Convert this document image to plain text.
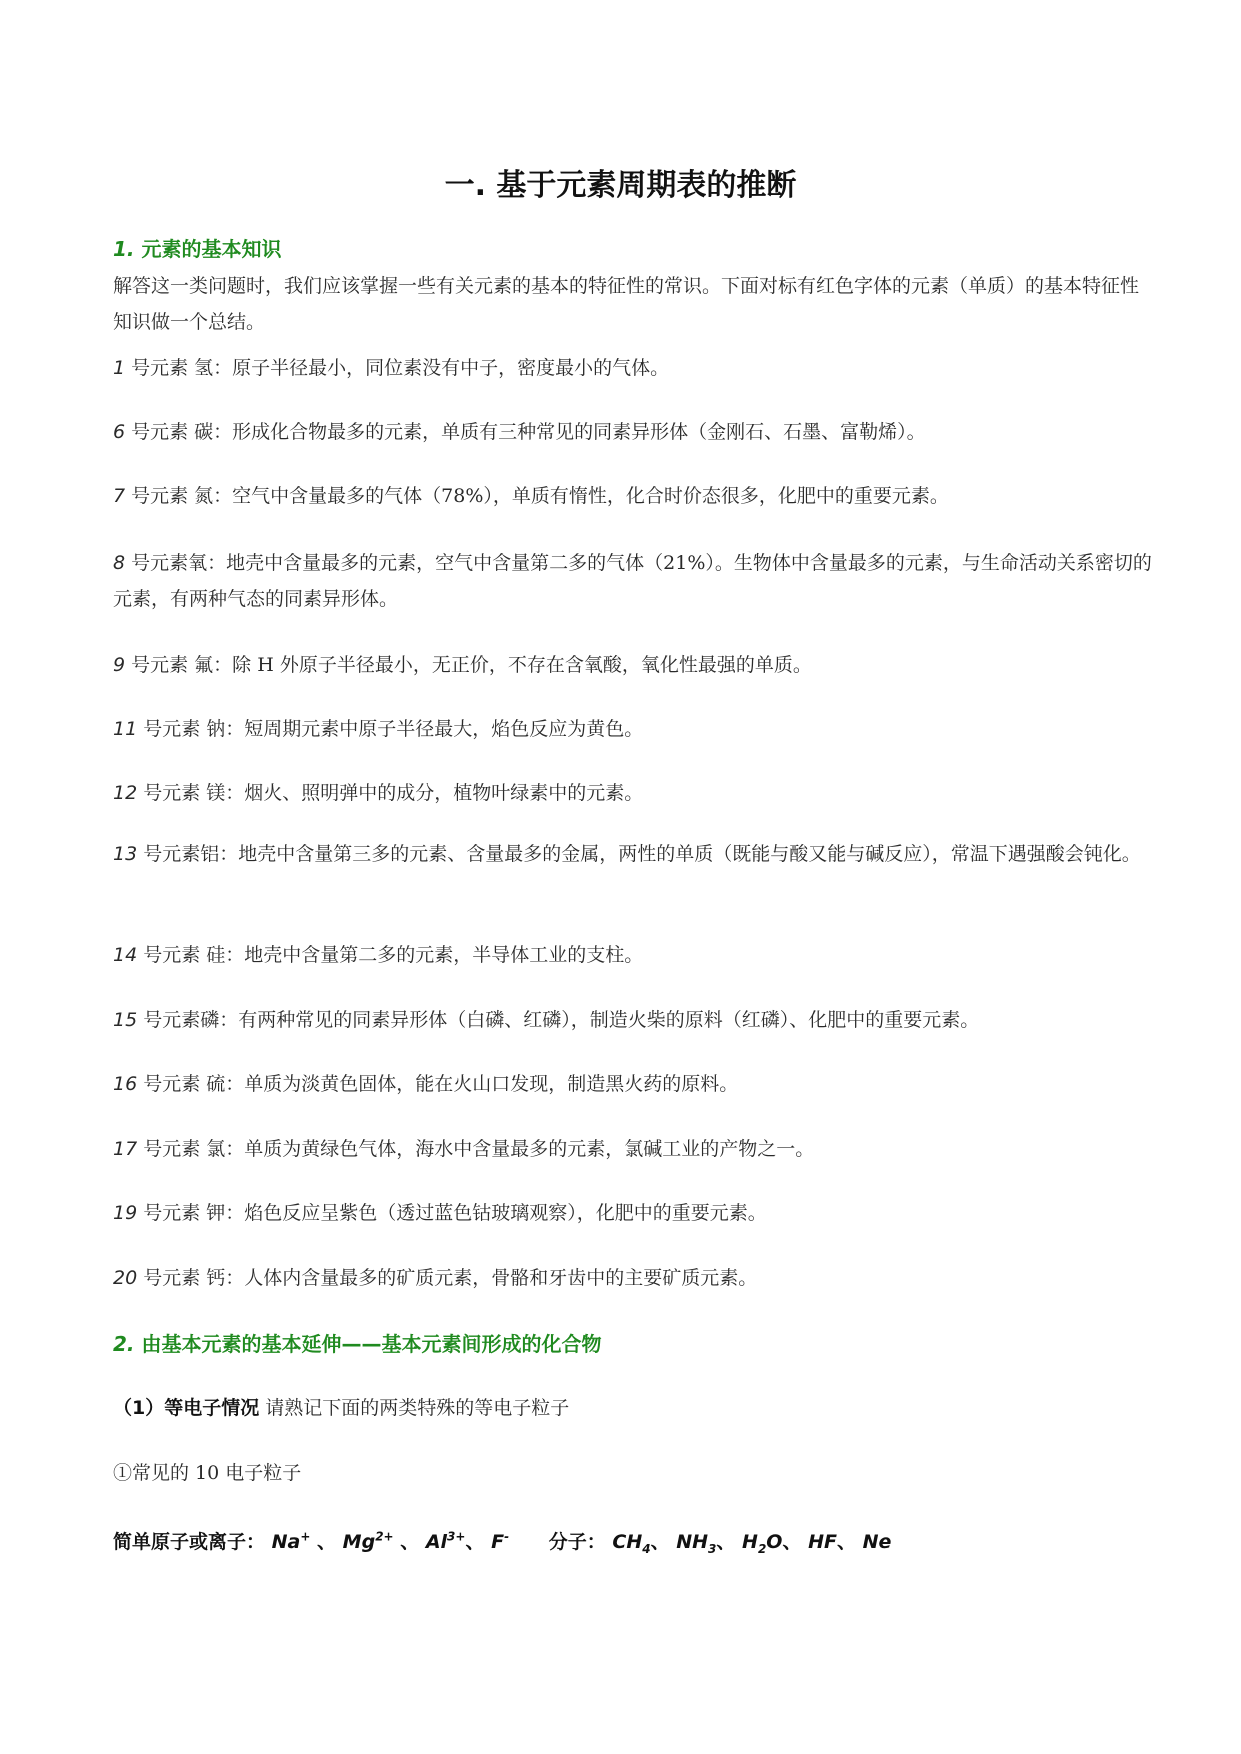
一. 基于元素周期表的推断
1. 元素的基本知识
解答这一类问题时，我们应该掌握一些有关元素的基本的特征性的常识。下面对标有红色字体的元素（单质）的基本特征性知识做一个总结。
1 号元素 氢：原子半径最小，同位素没有中子，密度最小的气体。
6 号元素 碳：形成化合物最多的元素，单质有三种常见的同素异形体（金刚石、石墨、富勒烯）。
7 号元素 氮：空气中含量最多的气体（78%），单质有惰性，化合时价态很多，化肥中的重要元素。
8 号元素氧：地壳中含量最多的元素，空气中含量第二多的气体（21%）。生物体中含量最多的元素，与生命活动关系密切的元素，有两种气态的同素异形体。
9 号元素 氟：除 H 外原子半径最小，无正价，不存在含氧酸，氧化性最强的单质。
11 号元素 钠：短周期元素中原子半径最大，焰色反应为黄色。
12 号元素 镁：烟火、照明弹中的成分，植物叶绿素中的元素。
13 号元素铝：地壳中含量第三多的元素、含量最多的金属，两性的单质（既能与酸又能与碱反应），常温下遇强酸会钝化。
14 号元素 硅：地壳中含量第二多的元素，半导体工业的支柱。
15 号元素磷：有两种常见的同素异形体（白磷、红磷），制造火柴的原料（红磷）、化肥中的重要元素。
16 号元素 硫：单质为淡黄色固体，能在火山口发现，制造黑火药的原料。
17 号元素 氯：单质为黄绿色气体，海水中含量最多的元素，氯碱工业的产物之一。
19 号元素 钾：焰色反应呈紫色（透过蓝色钴玻璃观察），化肥中的重要元素。
20 号元素 钙：人体内含量最多的矿质元素，骨骼和牙齿中的主要矿质元素。
2. 由基本元素的基本延伸——基本元素间形成的化合物
（1）等电子情况 请熟记下面的两类特殊的等电子粒子
①常见的 10 电子粒子
简单原子或离子： Na+ 、 $Mg^{2+}$ 、 $Al^{3+}$、 F- 分子： $CH_4$、 $NH_3$、 $H_2O$、 HF、 Ne
